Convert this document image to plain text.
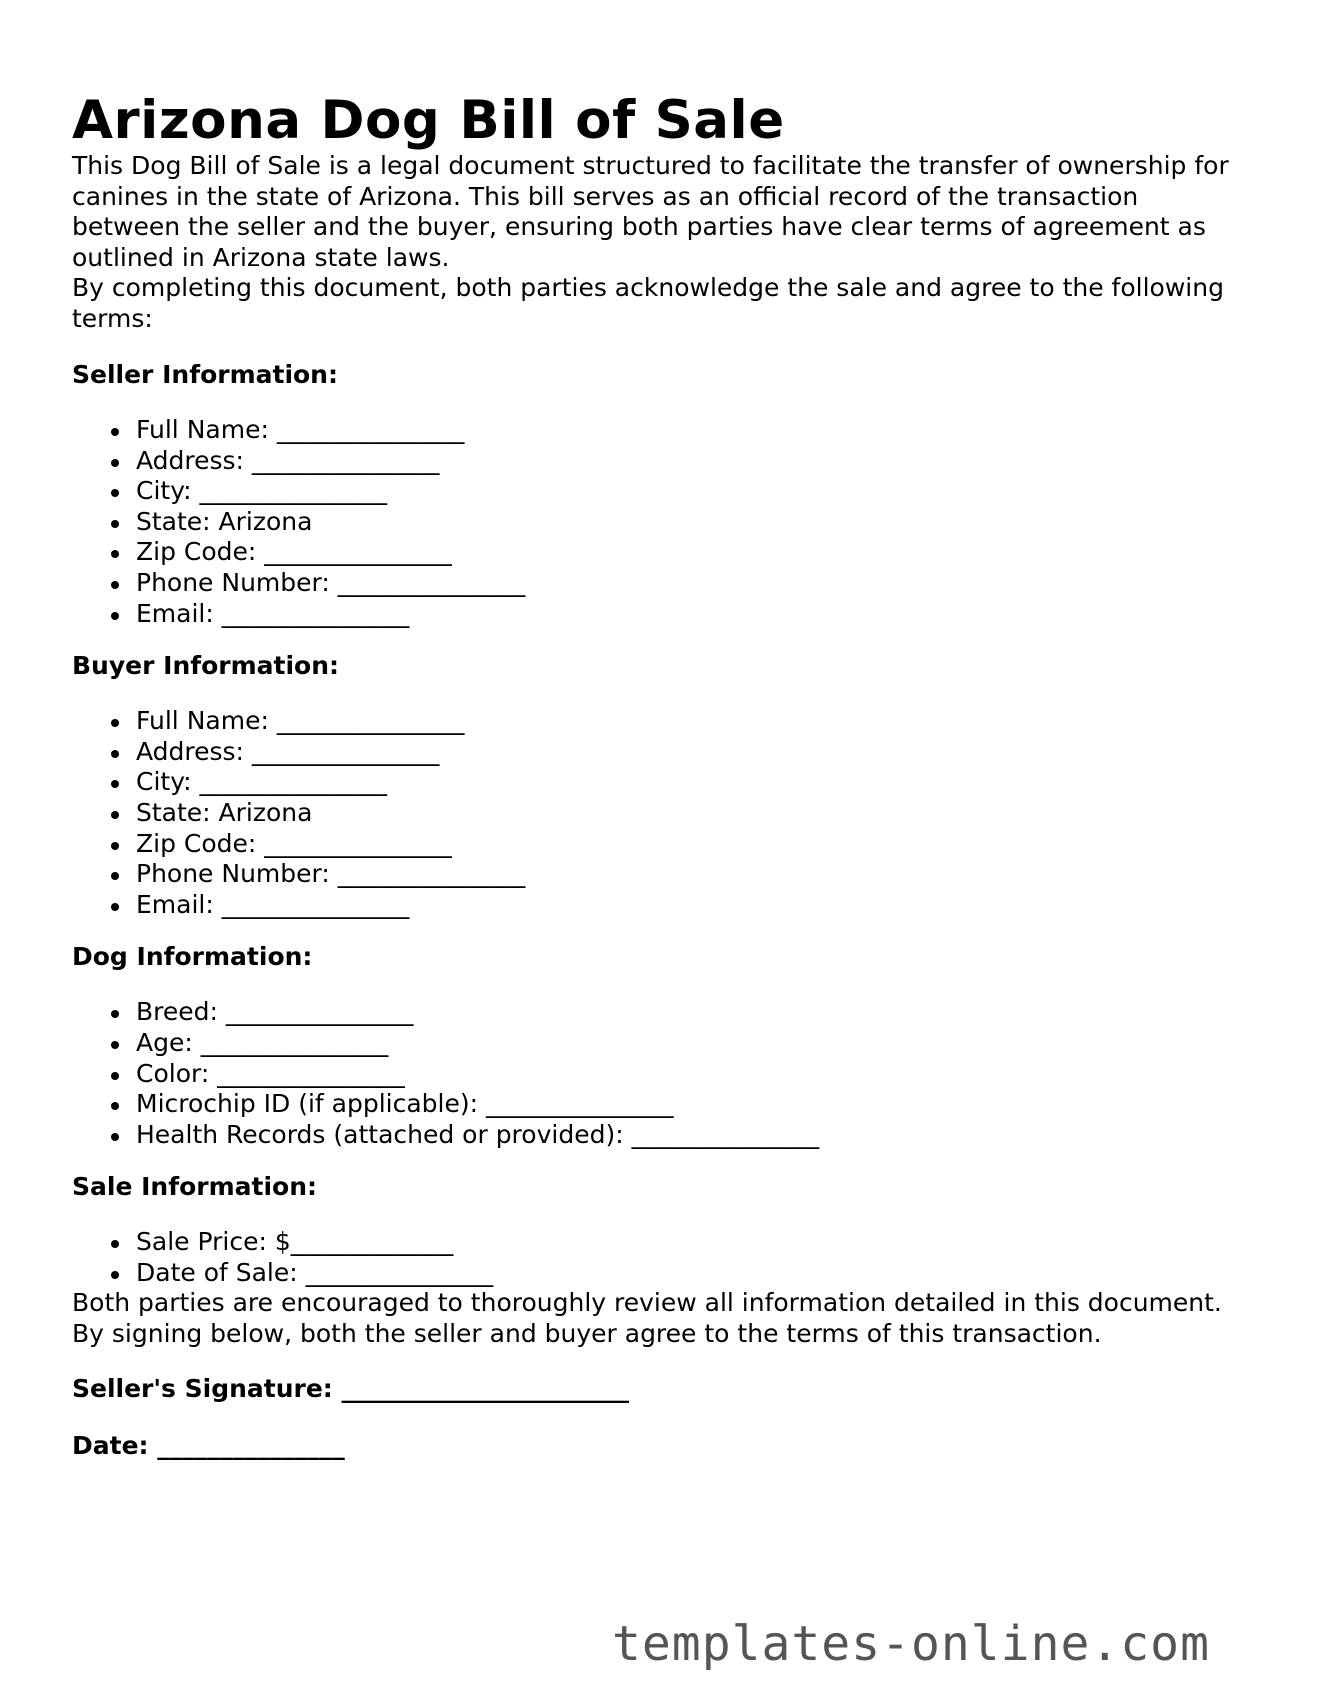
Arizona Dog Bill of Sale

This Dog Bill of Sale is a legal document structured to facilitate the transfer of ownership for canines in the state of Arizona. This bill serves as an official record of the transaction between the seller and the buyer, ensuring both parties have clear terms of agreement as outlined in Arizona state laws.

By completing this document, both parties acknowledge the sale and agree to the following terms:

Seller Information:
Full Name: _______________
Address: _______________
City: _______________
State: Arizona
Zip Code: _______________
Phone Number: _______________
Email: _______________
Buyer Information:
Full Name: _______________
Address: _______________
City: _______________
State: Arizona
Zip Code: _______________
Phone Number: _______________
Email: _______________
Dog Information:
Breed: _______________
Age: _______________
Color: _______________
Microchip ID (if applicable): _______________
Health Records (attached or provided): _______________
Sale Information:
Sale Price: $_____________
Date of Sale: _______________

Both parties are encouraged to thoroughly review all information detailed in this document. By signing below, both the seller and buyer agree to the terms of this transaction.

Seller's Signature: _______________________

Date: _______________

templates-online.com
